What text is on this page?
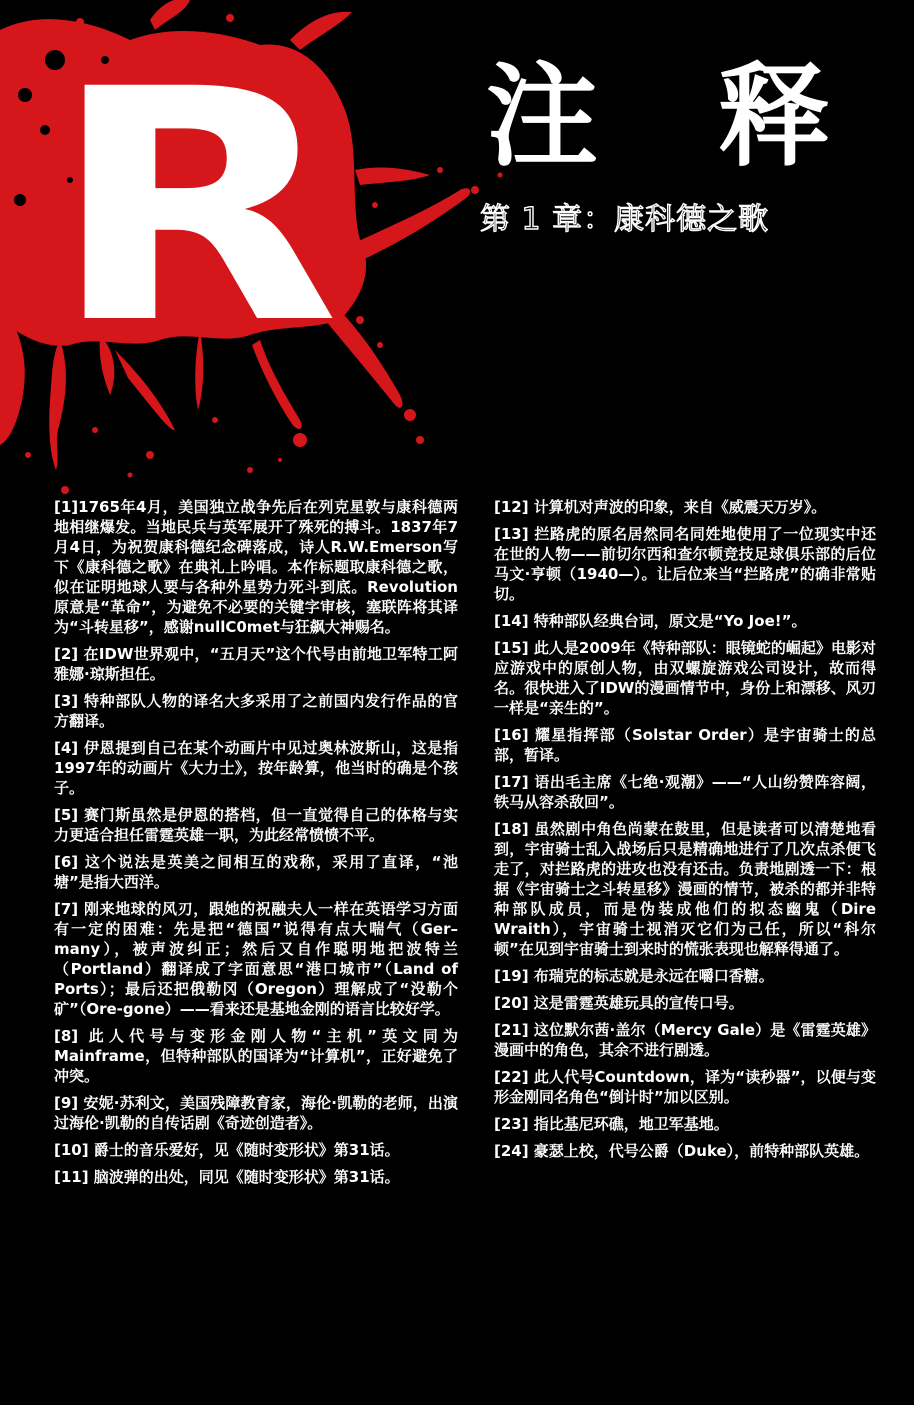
R 注 释
第 1 章：康科德之歌

[1]1765年4月，美国独立战争先后在列克星敦与康科德两地相继爆发。当地民兵与英军展开了殊死的搏斗。1837年7月4日，为祝贺康科德纪念碑落成，诗人R.W.Emerson写下《康科德之歌》在典礼上吟唱。本作标题取康科德之歌，似在证明地球人要与各种外星势力死斗到底。Revolution原意是“革命”，为避免不必要的关键字审核，塞联阵将其译为“斗转星移”，感谢nullC0met与狂飙大神赐名。

[2] 在IDW世界观中，“五月天”这个代号由前地卫军特工阿雅娜·琼斯担任。

[3] 特种部队人物的译名大多采用了之前国内发行作品的官方翻译。

[4] 伊恩提到自己在某个动画片中见过奥林波斯山，这是指1997年的动画片《大力士》，按年龄算，他当时的确是个孩子。

[5] 赛门斯虽然是伊恩的搭档，但一直觉得自己的体格与实力更适合担任雷霆英雄一职，为此经常愤愤不平。

[6] 这个说法是英美之间相互的戏称，采用了直译，“池塘”是指大西洋。

[7] 刚来地球的风刃，跟她的祝融夫人一样在英语学习方面有一定的困难：先是把“德国”说得有点大喘气（Ger–many），被声波纠正；然后又自作聪明地把波特兰（Portland）翻译成了字面意思“港口城市”（Land of Ports）；最后还把俄勒冈（Oregon）理解成了“没勒个矿”（Ore-gone）——看来还是基地金刚的语言比较好学。

[8] 此人代号与变形金刚人物“主机”英文同为Mainframe，但特种部队的国译为“计算机”，正好避免了冲突。

[9] 安妮·苏利文，美国残障教育家，海伦·凯勒的老师，出演过海伦·凯勒的自传话剧《奇迹创造者》。

[10] 爵士的音乐爱好，见《随时变形状》第31话。

[11] 脑波弹的出处，同见《随时变形状》第31话。

[12] 计算机对声波的印象，来自《威震天万岁》。

[13] 拦路虎的原名居然同名同姓地使用了一位现实中还在世的人物——前切尔西和查尔顿竞技足球俱乐部的后位马文·亨顿（1940—）。让后位来当“拦路虎”的确非常贴切。

[14] 特种部队经典台词，原文是“Yo Joe!”。

[15] 此人是2009年《特种部队：眼镜蛇的崛起》电影对应游戏中的原创人物，由双螺旋游戏公司设计，故而得名。很快进入了IDW的漫画情节中，身份上和漂移、风刃一样是“亲生的”。

[16] 耀星指挥部（Solstar Order）是宇宙骑士的总部，暂译。

[17] 语出毛主席《七绝·观潮》——“人山纷赞阵容阔，铁马从容杀敌回”。

[18] 虽然剧中角色尚蒙在鼓里，但是读者可以清楚地看到，宇宙骑士乱入战场后只是精确地进行了几次点杀便飞走了，对拦路虎的进攻也没有还击。负责地剧透一下：根据《宇宙骑士之斗转星移》漫画的情节，被杀的都并非特种部队成员，而是伪装成他们的拟态幽鬼（Dire Wraith），宇宙骑士视消灭它们为己任，所以“科尔顿”在见到宇宙骑士到来时的慌张表现也解释得通了。

[19] 布瑞克的标志就是永远在嚼口香糖。

[20] 这是雷霆英雄玩具的宣传口号。

[21] 这位默尔茜·盖尔（Mercy Gale）是《雷霆英雄》漫画中的角色，其余不进行剧透。

[22] 此人代号Countdown，译为“读秒器”，以便与变形金刚同名角色“倒计时”加以区别。

[23] 指比基尼环礁，地卫军基地。

[24] 豪瑟上校，代号公爵（Duke），前特种部队英雄。
